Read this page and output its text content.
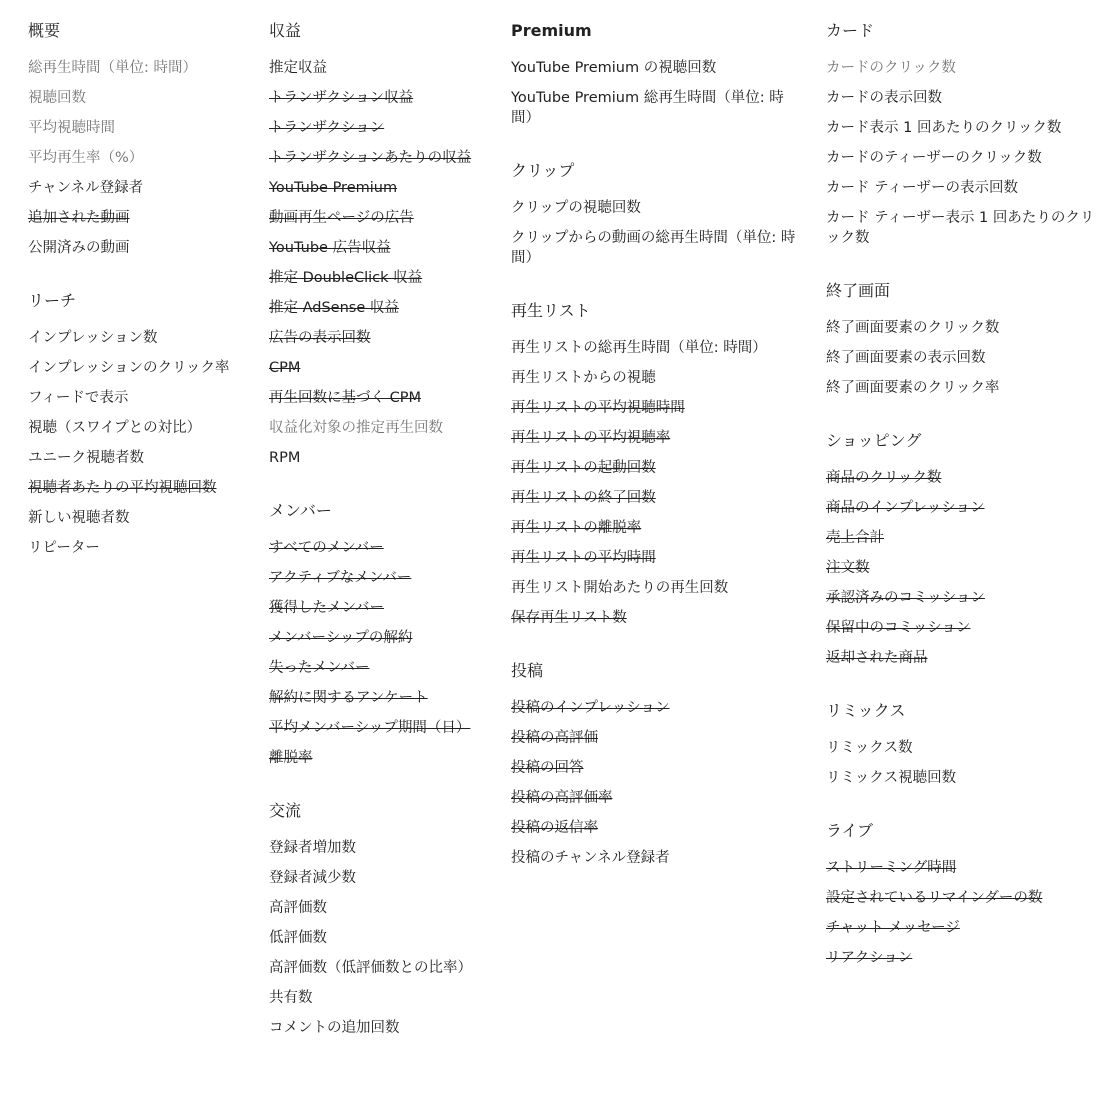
概要
総再生時間（単位: 時間）
視聴回数
平均視聴時間
平均再生率（%）
チャンネル登録者
追加された動画
公開済みの動画
リーチ
インプレッション数
インプレッションのクリック率
フィードで表示
視聴（スワイプとの対比）
ユニーク視聴者数
視聴者あたりの平均視聴回数
新しい視聴者数
リピーター
収益
推定収益
トランザクション収益
トランザクション
トランザクションあたりの収益
YouTube Premium
動画再生ページの広告
YouTube 広告収益
推定 DoubleClick 収益
推定 AdSense 収益
広告の表示回数
CPM
再生回数に基づく CPM
収益化対象の推定再生回数
RPM
メンバー
すべてのメンバー
アクティブなメンバー
獲得したメンバー
メンバーシップの解約
失ったメンバー
解約に関するアンケート
平均メンバーシップ期間（日）
離脱率
交流
登録者増加数
登録者減少数
高評価数
低評価数
高評価数（低評価数との比率）
共有数
コメントの追加回数
Premium
YouTube Premium の視聴回数
YouTube Premium 総再生時間（単位: 時間）
クリップ
クリップの視聴回数
クリップからの動画の総再生時間（単位: 時間）
再生リスト
再生リストの総再生時間（単位: 時間）
再生リストからの視聴
再生リストの平均視聴時間
再生リストの平均視聴率
再生リストの起動回数
再生リストの終了回数
再生リストの離脱率
再生リストの平均時間
再生リスト開始あたりの再生回数
保存再生リスト数
投稿
投稿のインプレッション
投稿の高評価
投稿の回答
投稿の高評価率
投稿の返信率
投稿のチャンネル登録者
カード
カードのクリック数
カードの表示回数
カード表示 1 回あたりのクリック数
カードのティーザーのクリック数
カード ティーザーの表示回数
カード ティーザー表示 1 回あたりのクリック数
終了画面
終了画面要素のクリック数
終了画面要素の表示回数
終了画面要素のクリック率
ショッピング
商品のクリック数
商品のインプレッション
売上合計
注文数
承認済みのコミッション
保留中のコミッション
返却された商品
リミックス
リミックス数
リミックス視聴回数
ライブ
ストリーミング時間
設定されているリマインダーの数
チャット メッセージ
リアクション
